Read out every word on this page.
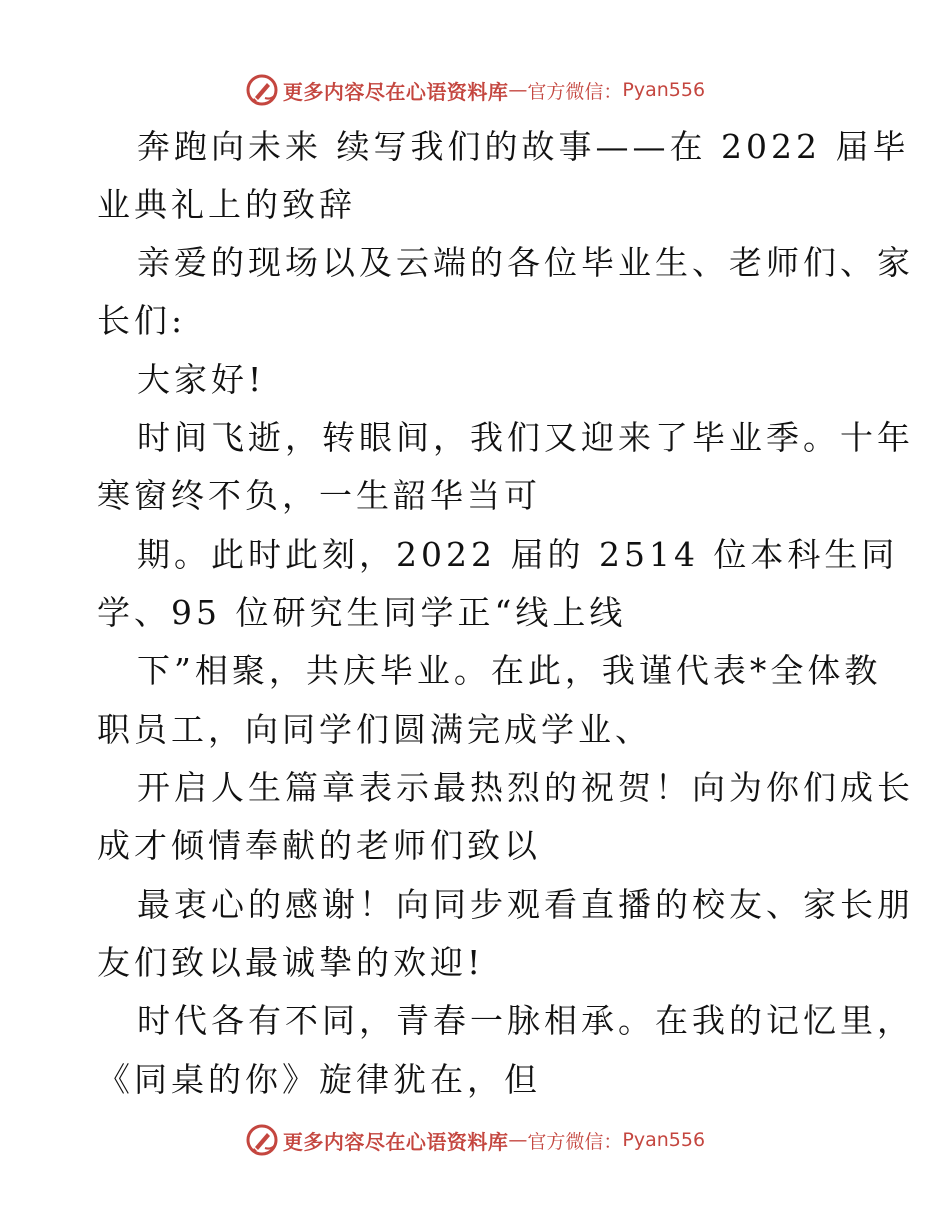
更多内容尽在心语资料库 — 官方微信： Pyan556
奔跑向未来 续写我们的故事——在 2022 届毕
业典礼上的致辞
亲爱的现场以及云端的各位毕业生、老师们、家
长们:
大家好!
时间飞逝，转眼间，我们又迎来了毕业季。十年
寒窗终不负，一生韶华当可
期。此时此刻，2022 届的 2514 位本科生同
学、95 位研究生同学正“线上线
下”相聚，共庆毕业。在此，我谨代表*全体教
职员工，向同学们圆满完成学业、
开启人生篇章表示最热烈的祝贺！向为你们成长
成才倾情奉献的老师们致以
最衷心的感谢！向同步观看直播的校友、家长朋
友们致以最诚挚的欢迎!
时代各有不同，青春一脉相承。在我的记忆里，
《同桌的你》旋律犹在，但
更多内容尽在心语资料库 — 官方微信： Pyan556
